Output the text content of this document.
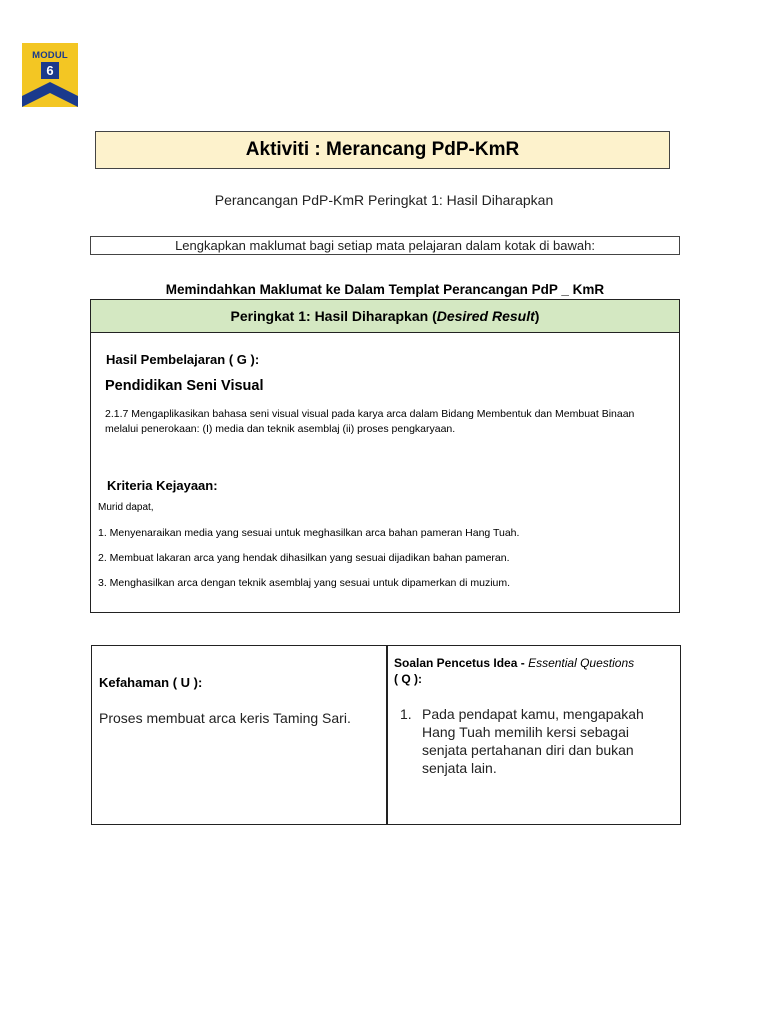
MODUL
6
Aktiviti : Merancang PdP-KmR
Perancangan PdP-KmR Peringkat 1: Hasil Diharapkan
Lengkapkan maklumat bagi setiap mata pelajaran dalam kotak di bawah:
Memindahkan Maklumat ke Dalam Templat Perancangan PdP _ KmR
Peringkat 1: Hasil Diharapkan (Desired Result)
Hasil Pembelajaran ( G ):
Pendidikan Seni Visual
2.1.7 Mengaplikasikan bahasa seni visual visual pada karya arca dalam Bidang Membentuk dan Membuat Binaan melalui penerokaan: (I) media dan teknik asemblaj (ii) proses pengkaryaan.
Kriteria Kejayaan:
Murid dapat,
1. Menyenaraikan media yang sesuai untuk meghasilkan arca bahan pameran Hang Tuah.
2. Membuat lakaran arca yang hendak dihasilkan yang sesuai dijadikan bahan pameran.
3. Menghasilkan arca dengan teknik asemblaj yang sesuai untuk dipamerkan di muzium.
Kefahaman ( U ):
Proses membuat arca keris Taming Sari.
Soalan Pencetus Idea - Essential Questions
( Q ):
1. Pada pendapat kamu, mengapakah Hang Tuah memilih kersi sebagai senjata pertahanan diri dan bukan senjata lain.
